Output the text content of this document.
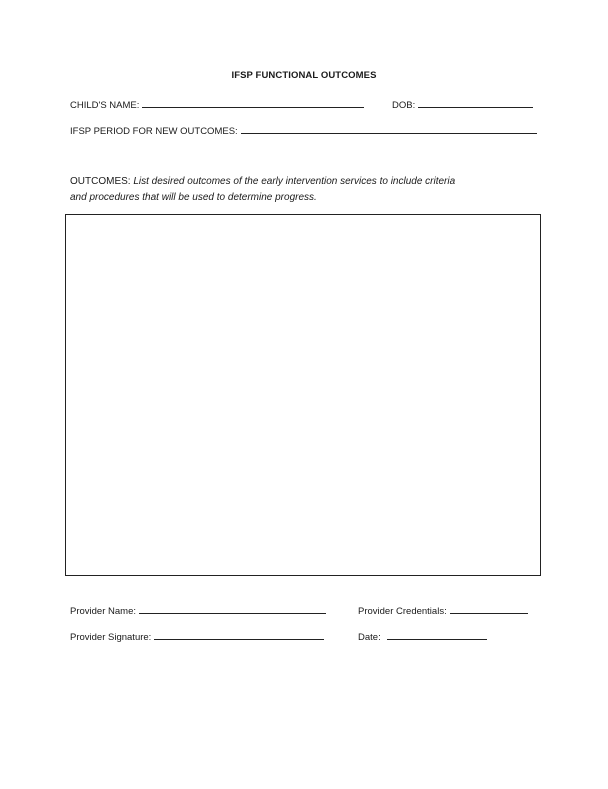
IFSP FUNCTIONAL OUTCOMES
CHILD'S NAME:	DOB:
IFSP PERIOD FOR NEW OUTCOMES:
OUTCOMES: List desired outcomes of the early intervention services to include criteria
and procedures that will be used to determine progress.
Provider Name:	Provider Credentials:
Provider Signature:	Date:
